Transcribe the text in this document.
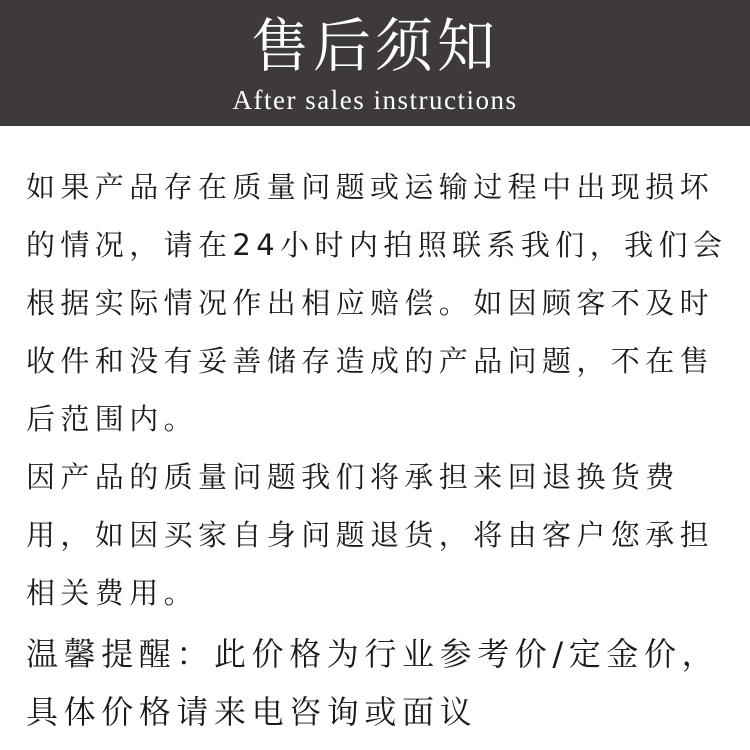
售后须知
After sales instructions

如果产品存在质量问题或运输过程中出现损坏的情况，请在24小时内拍照联系我们，我们会根据实际情况作出相应赔偿。如因顾客不及时收件和没有妥善储存造成的产品问题，不在售后范围内。

因产品的质量问题我们将承担来回退换货费用，如因买家自身问题退货，将由客户您承担相关费用。

温馨提醒：此价格为行业参考价/定金价，具体价格请来电咨询或面议
